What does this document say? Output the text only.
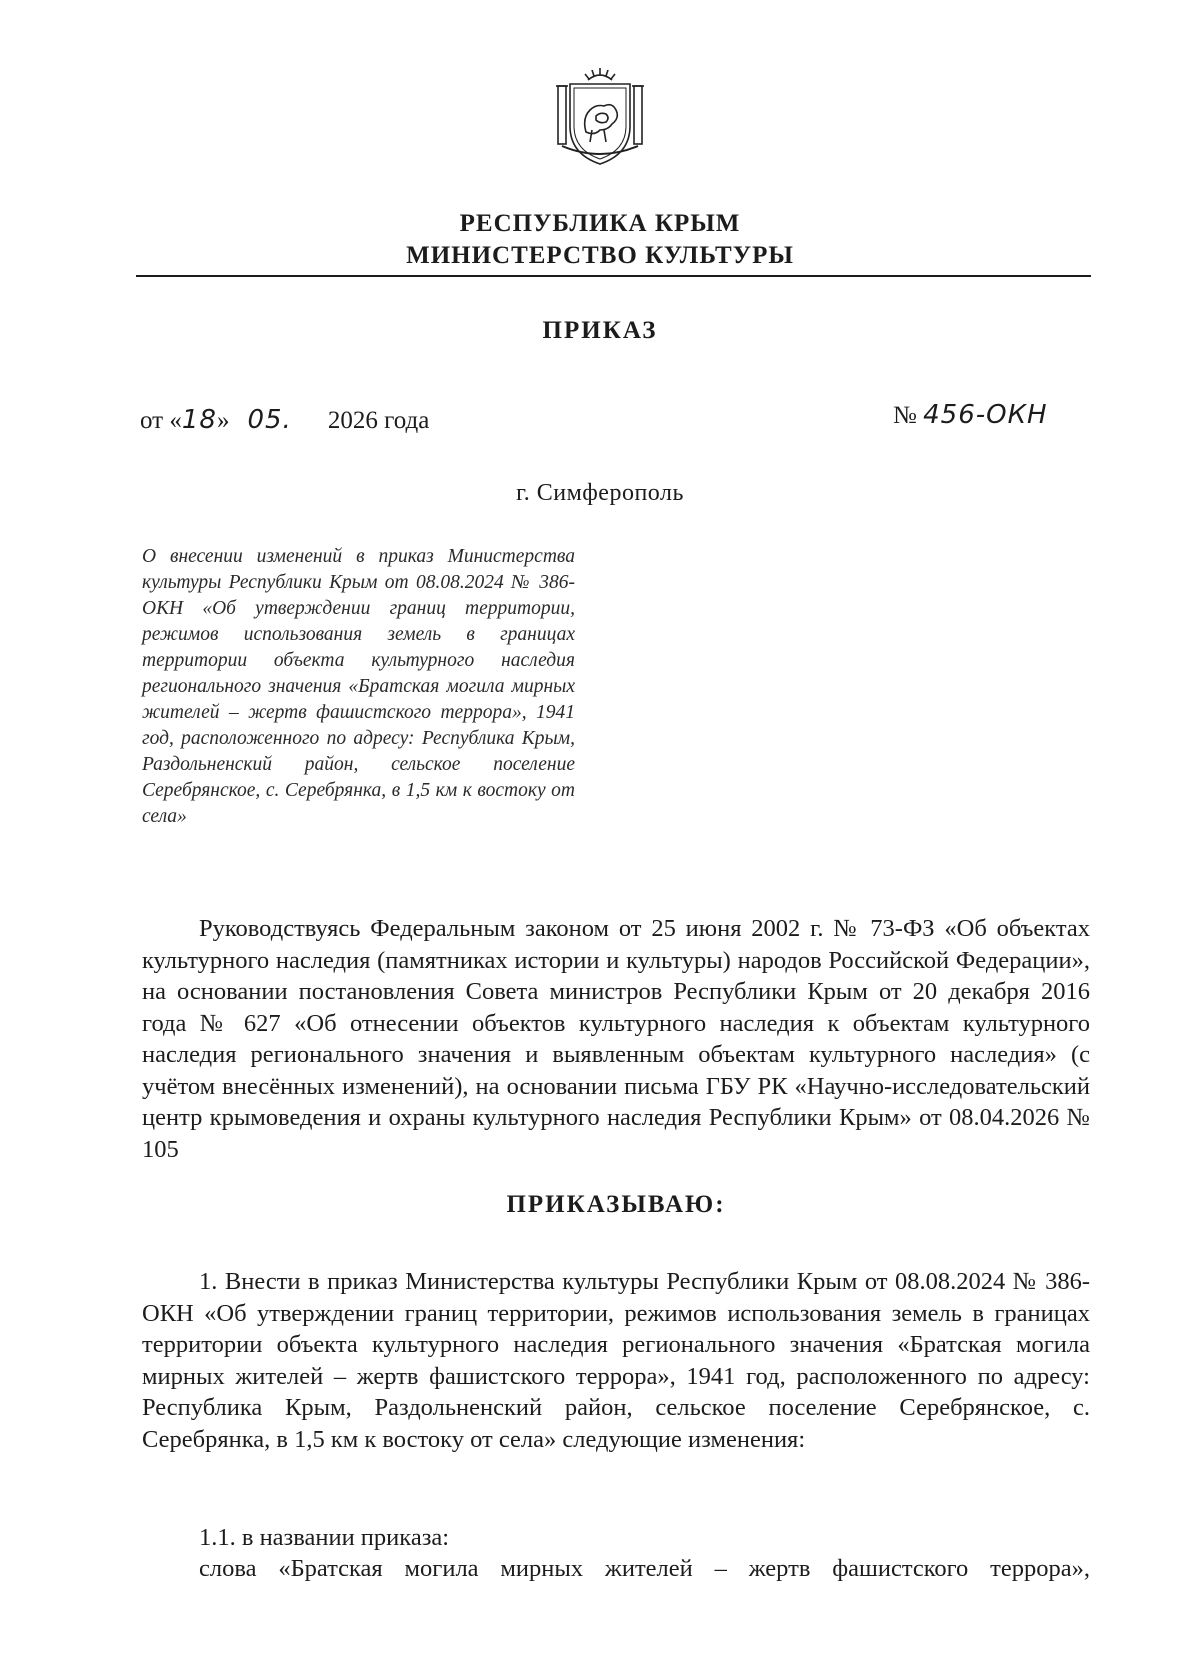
РЕСПУБЛИКА КРЫМ
МИНИСТЕРСТВО КУЛЬТУРЫ
ПРИКАЗ
от «18» 05. 2026 года	№ 456-ОКН
г. Симферополь
О внесении изменений в приказ Министерства культуры Республики Крым от 08.08.2024 № 386-ОКН «Об утверждении границ территории, режимов использования земель в границах территории объекта культурного наследия регионального значения «Братская могила мирных жителей – жертв фашистского террора», 1941 год, расположенного по адресу: Республика Крым, Раздольненский район, сельское поселение Серебрянское, с. Серебрянка, в 1,5 км к востоку от села»
Руководствуясь Федеральным законом от 25 июня 2002 г. № 73-ФЗ «Об объектах культурного наследия (памятниках истории и культуры) народов Российской Федерации», на основании постановления Совета министров Республики Крым от 20 декабря 2016 года № 627 «Об отнесении объектов культурного наследия к объектам культурного наследия регионального значения и выявленным объектам культурного наследия» (с учётом внесённых изменений), на основании письма ГБУ РК «Научно-исследовательский центр крымоведения и охраны культурного наследия Республики Крым» от 08.04.2026 № 105
ПРИКАЗЫВАЮ:
1. Внести в приказ Министерства культуры Республики Крым от 08.08.2024 № 386-ОКН «Об утверждении границ территории, режимов использования земель в границах территории объекта культурного наследия регионального значения «Братская могила мирных жителей – жертв фашистского террора», 1941 год, расположенного по адресу: Республика Крым, Раздольненский район, сельское поселение Серебрянское, с. Серебрянка, в 1,5 км к востоку от села» следующие изменения:
1.1. в названии приказа:
слова «Братская могила мирных жителей – жертв фашистского террора»,
